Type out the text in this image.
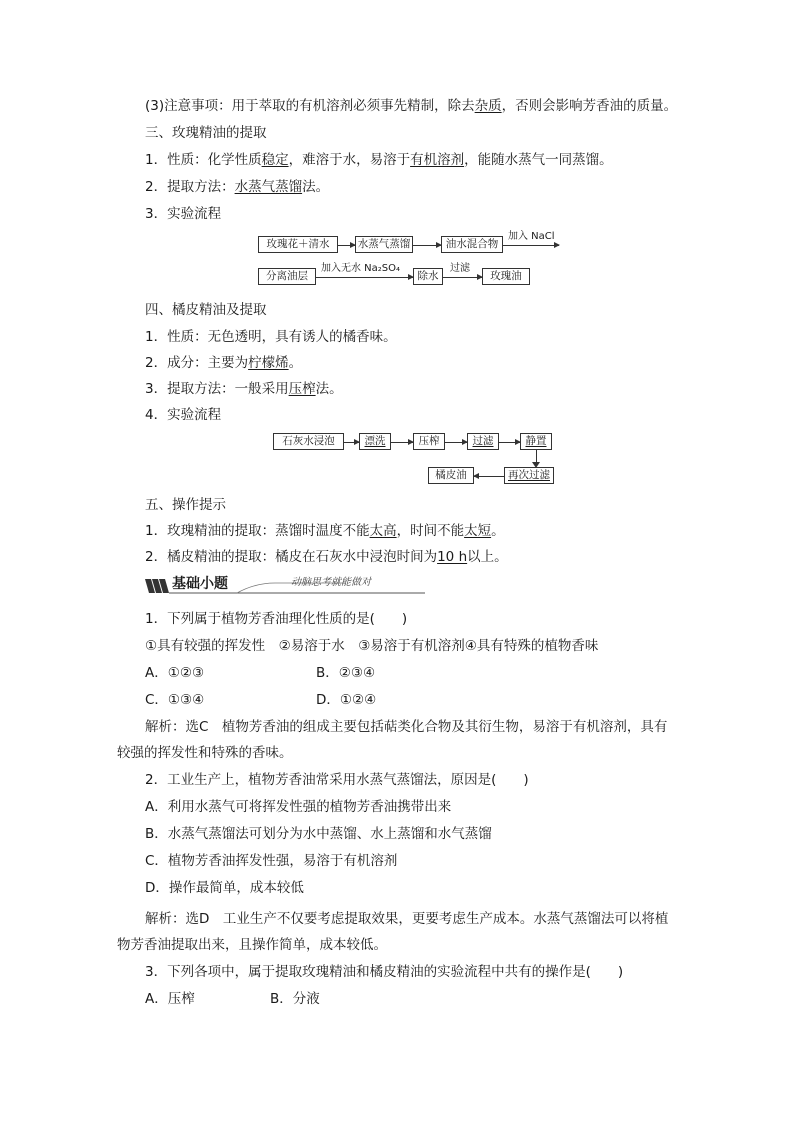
(3)注意事项：用于萃取的有机溶剂必须事先精制，除去杂质，否则会影响芳香油的质量。
三、玫瑰精油的提取
1．性质：化学性质稳定，难溶于水，易溶于有机溶剂，能随水蒸气一同蒸馏。
2．提取方法：水蒸气蒸馏法。
3．实验流程
玫瑰花＋清水	水蒸气蒸馏	油水混合物
加入 NaCl
分离油层
加入无水 Na₂SO₄
除水
过滤
玫瑰油
四、橘皮精油及提取
1．性质：无色透明，具有诱人的橘香味。
2．成分：主要为柠檬烯。
3．提取方法：一般采用压榨法。
4．实验流程
石灰水浸泡	漂洗	压榨	过滤	静置
再次过滤
橘皮油
五、操作提示
1．玫瑰精油的提取：蒸馏时温度不能太高，时间不能太短。
2．橘皮精油的提取：橘皮在石灰水中浸泡时间为10 h以上。
基础小题	动脑思考就能做对
1．下列属于植物芳香油理化性质的是(　　)
①具有较强的挥发性　②易溶于水　③易溶于有机溶剂④具有特殊的植物香味
A．①②③	B．②③④
C．①③④	D．①②④
解析：选C　植物芳香油的组成主要包括萜类化合物及其衍生物，易溶于有机溶剂，具有
较强的挥发性和特殊的香味。
2．工业生产上，植物芳香油常采用水蒸气蒸馏法，原因是(　　)
A．利用水蒸气可将挥发性强的植物芳香油携带出来
B．水蒸气蒸馏法可划分为水中蒸馏、水上蒸馏和水气蒸馏
C．植物芳香油挥发性强，易溶于有机溶剂
D．操作最简单，成本较低
解析：选D　工业生产不仅要考虑提取效果，更要考虑生产成本。水蒸气蒸馏法可以将植
物芳香油提取出来，且操作简单，成本较低。
3．下列各项中，属于提取玫瑰精油和橘皮精油的实验流程中共有的操作是(　　)
A．压榨	B．分液
